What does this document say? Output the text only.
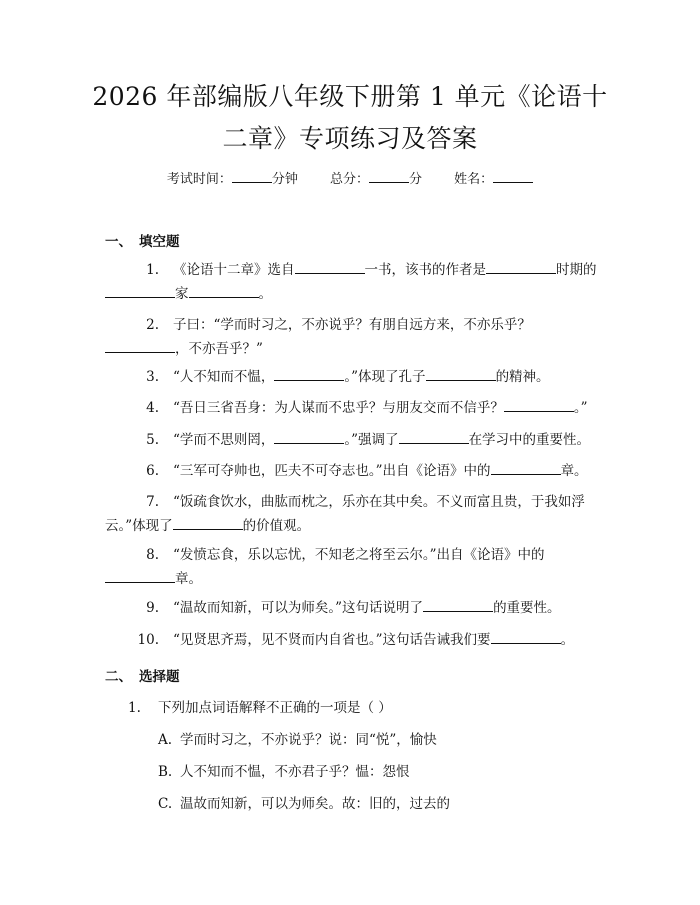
2026 年部编版八年级下册第 1 单元《论语十
二章》专项练习及答案
考试时间：	分钟 总分：	分 姓名：
一、 填空题
1. 《论语十二章》选自	一书，该书的作者是	时期的
家	。
2. 子曰：“学而时习之，不亦说乎？有朋自远方来，不亦乐乎？
，不亦吾乎？”
3. “人不知而不愠，	。”体现了孔子	的精神。
4. “吾日三省吾身：为人谋而不忠乎？与朋友交而不信乎？	。”
5. “学而不思则罔，	。”强调了	在学习中的重要性。
6. “三军可夺帅也，匹夫不可夺志也。”出自《论语》中的	章。
7. “饭疏食饮水，曲肱而枕之，乐亦在其中矣。不义而富且贵，于我如浮
云。”体现了	的价值观。
8. “发愤忘食，乐以忘忧，不知老之将至云尔。”出自《论语》中的
章。
9. “温故而知新，可以为师矣。”这句话说明了	的重要性。
10. “见贤思齐焉，见不贤而内自省也。”这句话告诫我们要	。
二、 选择题
1. 下列加点词语解释不正确的一项是（ ）
A. 学而时习之，不亦说乎？说：同“悦”，愉快
B. 人不知而不愠，不亦君子乎？愠：怨恨
C. 温故而知新，可以为师矣。故：旧的，过去的
